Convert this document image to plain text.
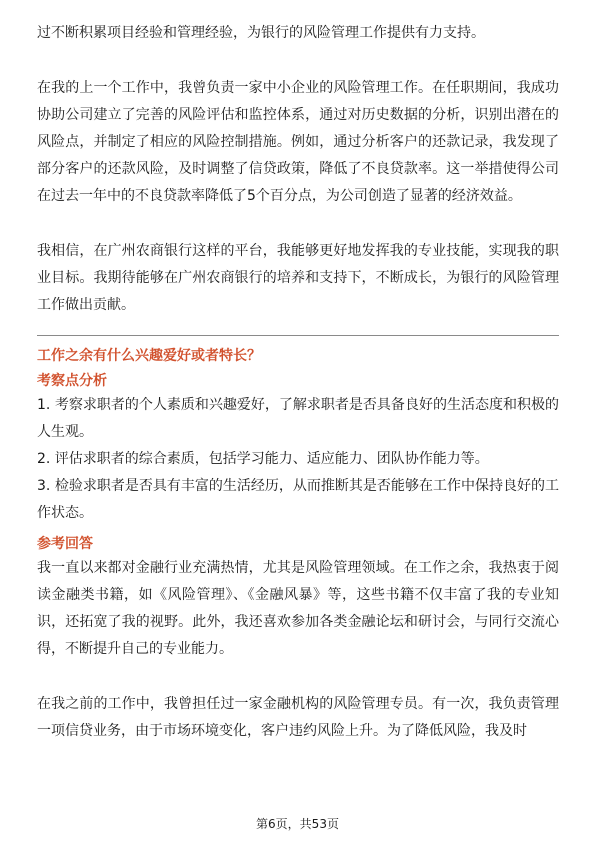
过不断积累项目经验和管理经验，为银行的风险管理工作提供有力支持。

在我的上一个工作中，我曾负责一家中小企业的风险管理工作。在任职期间，我成功协助公司建立了完善的风险评估和监控体系，通过对历史数据的分析，识别出潜在的风险点，并制定了相应的风险控制措施。例如，通过分析客户的还款记录，我发现了部分客户的还款风险，及时调整了信贷政策，降低了不良贷款率。这一举措使得公司在过去一年中的不良贷款率降低了5个百分点，为公司创造了显著的经济效益。

我相信，在广州农商银行这样的平台，我能够更好地发挥我的专业技能，实现我的职业目标。我期待能够在广州农商银行的培养和支持下，不断成长，为银行的风险管理工作做出贡献。

工作之余有什么兴趣爱好或者特长？
考察点分析

1. 考察求职者的个人素质和兴趣爱好，了解求职者是否具备良好的生活态度和积极的人生观。

2. 评估求职者的综合素质，包括学习能力、适应能力、团队协作能力等。

3. 检验求职者是否具有丰富的生活经历，从而推断其是否能够在工作中保持良好的工作状态。

参考回答

我一直以来都对金融行业充满热情，尤其是风险管理领域。在工作之余，我热衷于阅读金融类书籍，如《风险管理》、《金融风暴》等，这些书籍不仅丰富了我的专业知识，还拓宽了我的视野。此外，我还喜欢参加各类金融论坛和研讨会，与同行交流心得，不断提升自己的专业能力。

在我之前的工作中，我曾担任过一家金融机构的风险管理专员。有一次，我负责管理一项信贷业务，由于市场环境变化，客户违约风险上升。为了降低风险，我及时

第6页，共53页
